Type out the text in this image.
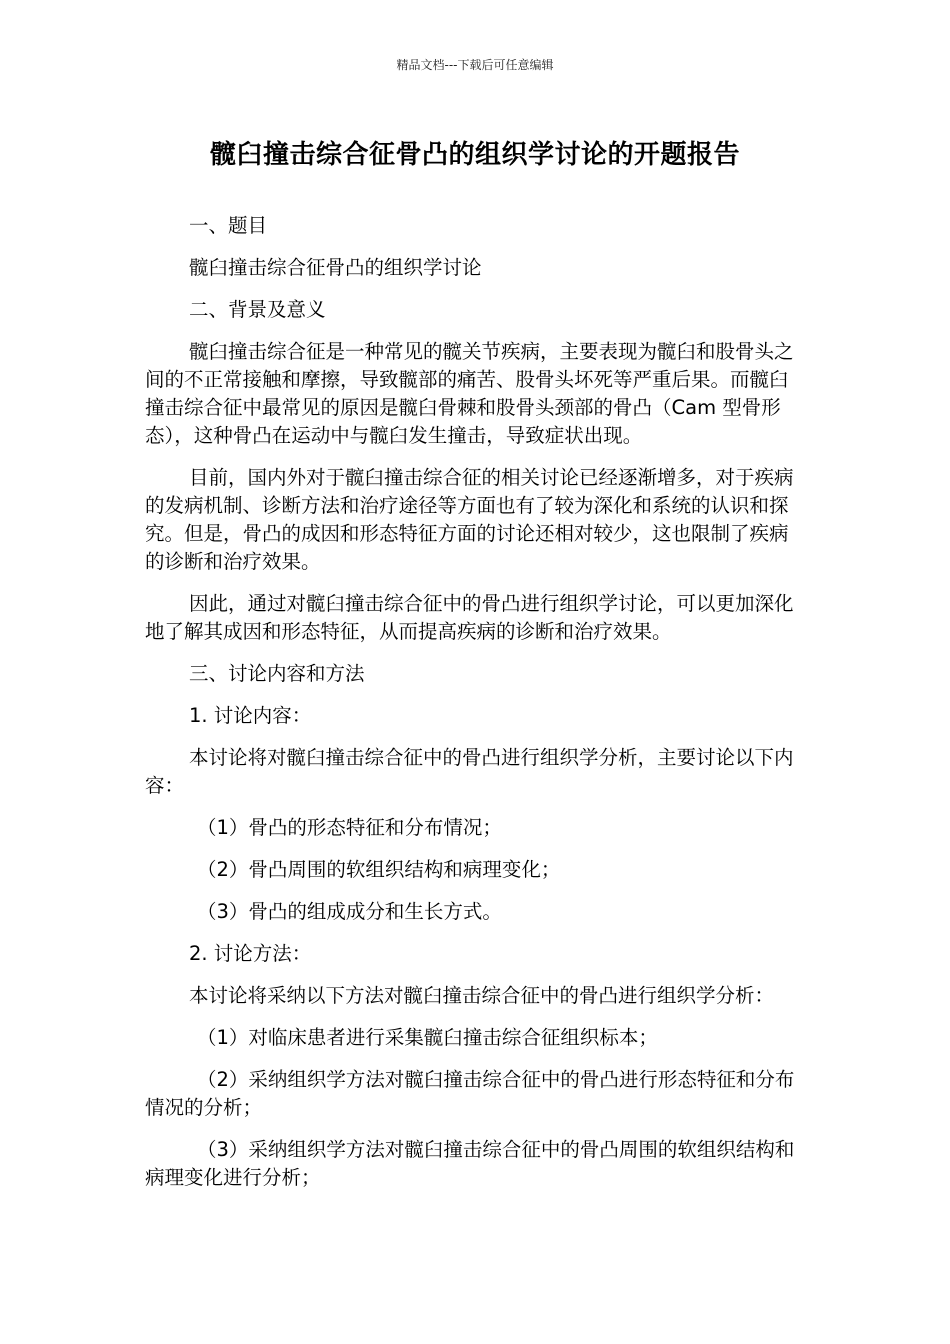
精品文档---下载后可任意编辑
髋臼撞击综合征骨凸的组织学讨论的开题报告

一、题目

髋臼撞击综合征骨凸的组织学讨论

二、背景及意义

髋臼撞击综合征是一种常见的髋关节疾病，主要表现为髋臼和股骨头之间的不正常接触和摩擦，导致髋部的痛苦、股骨头坏死等严重后果。而髋臼撞击综合征中最常见的原因是髋臼骨棘和股骨头颈部的骨凸（Cam 型骨形态），这种骨凸在运动中与髋臼发生撞击，导致症状出现。

目前，国内外对于髋臼撞击综合征的相关讨论已经逐渐增多，对于疾病的发病机制、诊断方法和治疗途径等方面也有了较为深化和系统的认识和探究。但是，骨凸的成因和形态特征方面的讨论还相对较少，这也限制了疾病的诊断和治疗效果。

因此，通过对髋臼撞击综合征中的骨凸进行组织学讨论，可以更加深化地了解其成因和形态特征，从而提高疾病的诊断和治疗效果。

三、讨论内容和方法

1. 讨论内容：

本讨论将对髋臼撞击综合征中的骨凸进行组织学分析，主要讨论以下内容：

（1）骨凸的形态特征和分布情况；

（2）骨凸周围的软组织结构和病理变化；

（3）骨凸的组成成分和生长方式。

2. 讨论方法：

本讨论将采纳以下方法对髋臼撞击综合征中的骨凸进行组织学分析：

（1）对临床患者进行采集髋臼撞击综合征组织标本；

（2）采纳组织学方法对髋臼撞击综合征中的骨凸进行形态特征和分布情况的分析；

（3）采纳组织学方法对髋臼撞击综合征中的骨凸周围的软组织结构和病理变化进行分析；
